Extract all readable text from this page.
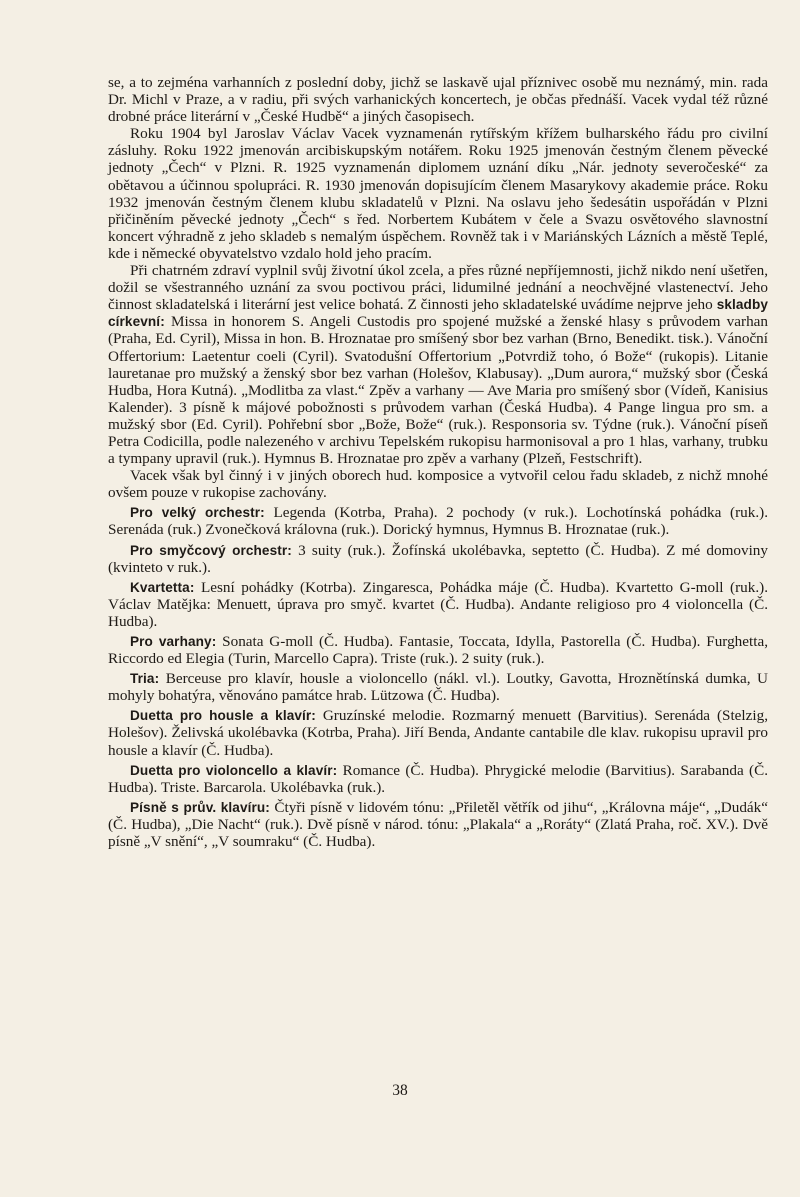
se, a to zejména varhanních z poslední doby, jichž se laskavě ujal příznivec osobě mu neznámý, min. rada Dr. Michl v Praze, a v radiu, při svých varhanických koncertech, je občas přednáší. Vacek vydal též různé drobné práce literární v „České Hudbě“ a jiných časopisech.

Roku 1904 byl Jaroslav Václav Vacek vyznamenán rytířským křížem bulharského řádu pro civilní zásluhy. Roku 1922 jmenován arcibiskupským notářem. Roku 1925 jmenován čestným členem pěvecké jednoty „Čech“ v Plzni. R. 1925 vyznamenán diplomem uznání díku „Nár. jednoty severočeské“ za obětavou a účinnou spolupráci. R. 1930 jmenován dopisujícím členem Masarykovy akademie práce. Roku 1932 jmenován čestným členem klubu skladatelů v Plzni. Na oslavu jeho šedesátin uspořádán v Plzni přičiněním pěvecké jednoty „Čech“ s řed. Norbertem Kubátem v čele a Svazu osvětového slavnostní koncert výhradně z jeho skladeb s nemalým úspěchem. Rovněž tak i v Mariánských Lázních a městě Teplé, kde i německé obyvatelstvo vzdalo hold jeho pracím.

Při chatrném zdraví vyplnil svůj životní úkol zcela, a přes různé nepříjemnosti, jichž nikdo není ušetřen, dožil se všestranného uznání za svou poctivou práci, lidumilné jednání a neochvějné vlastenectví. Jeho činnost skladatelská i literární jest velice bohatá. Z činnosti jeho skladatelské uvádíme nejprve jeho skladby církevní: Missa in honorem S. Angeli Custodis pro spojené mužské a ženské hlasy s průvodem varhan (Praha, Ed. Cyril), Missa in hon. B. Hroznatae pro smíšený sbor bez varhan (Brno, Benedikt. tisk.). Vánoční Offertorium: Laetentur coeli (Cyril). Svatodušní Offertorium „Potvrdiž toho, ó Bože“ (rukopis). Litanie lauretanae pro mužský a ženský sbor bez varhan (Holešov, Klabusay). „Dum aurora,“ mužský sbor (Česká Hudba, Hora Kutná). „Modlitba za vlast.“ Zpěv a varhany — Ave Maria pro smíšený sbor (Vídeň, Kanisius Kalender). 3 písně k májové pobožnosti s průvodem varhan (Česká Hudba). 4 Pange lingua pro sm. a mužský sbor (Ed. Cyril). Pohřební sbor „Bože, Bože“ (ruk.). Responsoria sv. Týdne (ruk.). Vánoční píseň Petra Codicilla, podle nalezeného v archivu Tepelském rukopisu harmonisoval a pro 1 hlas, varhany, trubku a tympany upravil (ruk.). Hymnus B. Hroznatae pro zpěv a varhany (Plzeň, Festschrift).

Vacek však byl činný i v jiných oborech hud. komposice a vytvořil celou řadu skladeb, z nichž mnohé ovšem pouze v rukopise zachovány.

Pro velký orchestr: Legenda (Kotrba, Praha). 2 pochody (v ruk.). Lochotínská pohádka (ruk.). Serenáda (ruk.) Zvonečková královna (ruk.). Dorický hymnus, Hymnus B. Hroznatae (ruk.).

Pro smyčcový orchestr: 3 suity (ruk.). Žofínská ukolébavka, septetto (Č. Hudba). Z mé domoviny (kvinteto v ruk.).

Kvartetta: Lesní pohádky (Kotrba). Zingaresca, Pohádka máje (Č. Hudba). Kvartetto G-moll (ruk.). Václav Matějka: Menuett, úprava pro smyč. kvartet (Č. Hudba). Andante religioso pro 4 violoncella (Č. Hudba).

Pro varhany: Sonata G-moll (Č. Hudba). Fantasie, Toccata, Idylla, Pastorella (Č. Hudba). Furghetta, Riccordo ed Elegia (Turin, Marcello Capra). Triste (ruk.). 2 suity (ruk.).

Tria: Berceuse pro klavír, housle a violoncello (nákl. vl.). Loutky, Gavotta, Hroznětínská dumka, U mohyly bohatýra, věnováno památce hrab. Lützowa (Č. Hudba).

Duetta pro housle a klavír: Gruzínské melodie. Rozmarný menuett (Barvitius). Serenáda (Stelzig, Holešov). Želivská ukolébavka (Kotrba, Praha). Jiří Benda, Andante cantabile dle klav. rukopisu upravil pro housle a klavír (Č. Hudba).

Duetta pro violoncello a klavír: Romance (Č. Hudba). Phrygické melodie (Barvitius). Sarabanda (Č. Hudba). Triste. Barcarola. Ukolébavka (ruk.).

Písně s prův. klavíru: Čtyři písně v lidovém tónu: „Přiletěl větřík od jihu“, „Královna máje“, „Dudák“ (Č. Hudba), „Die Nacht“ (ruk.). Dvě písně v národ. tónu: „Plakala“ a „Roráty“ (Zlatá Praha, roč. XV.). Dvě písně „V snění“, „V soumraku“ (Č. Hudba).

38
